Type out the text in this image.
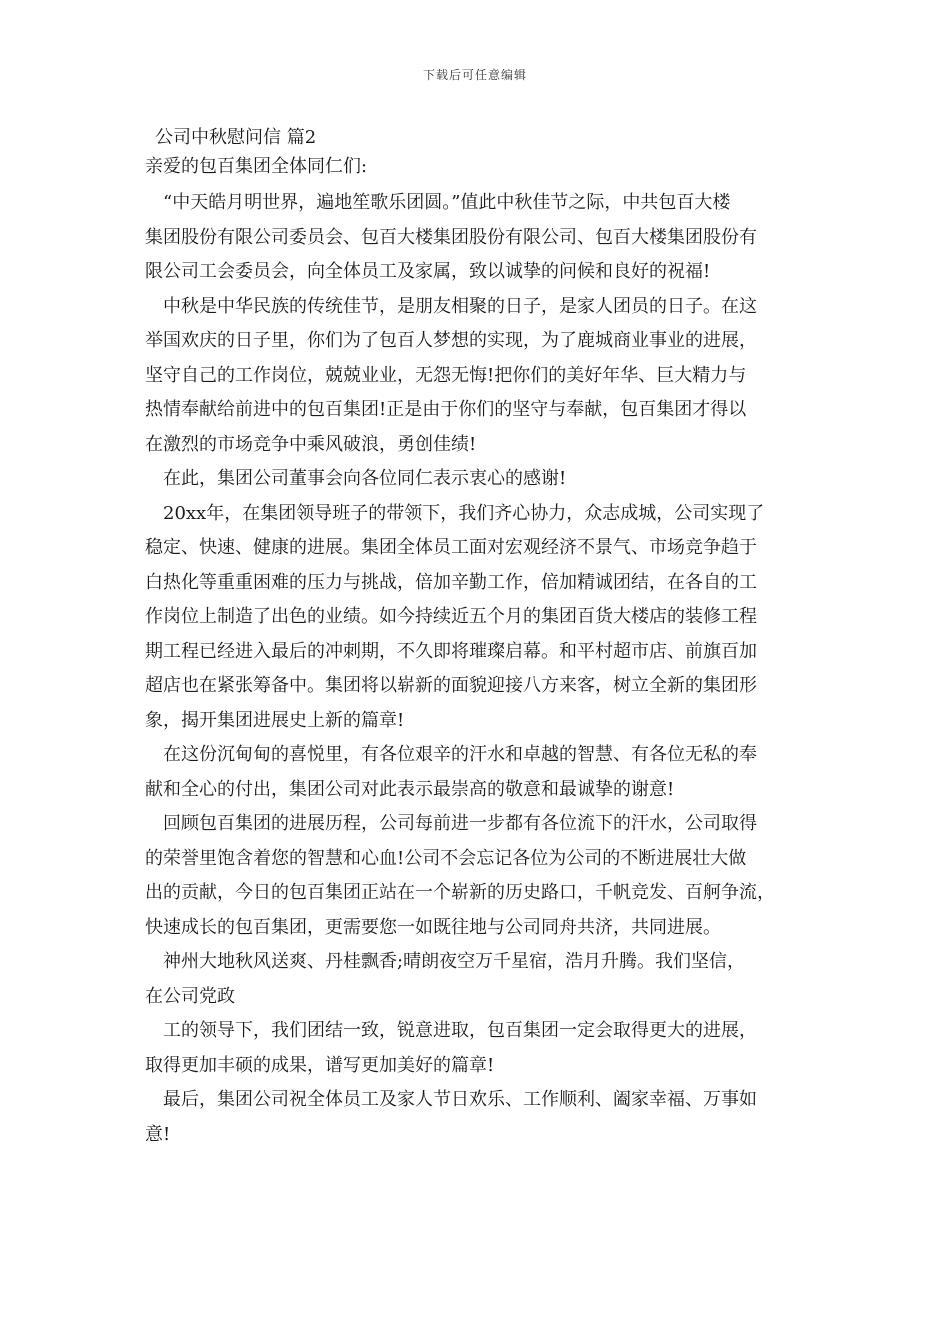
下载后可任意编辑
公司中秋慰问信 篇2

亲爱的包百集团全体同仁们:

“中天皓月明世界，遍地笙歌乐团圆。”值此中秋佳节之际，中共包百大楼
集团股份有限公司委员会、包百大楼集团股份有限公司、包百大楼集团股份有
限公司工会委员会，向全体员工及家属，致以诚挚的问候和良好的祝福!

中秋是中华民族的传统佳节，是朋友相聚的日子，是家人团员的日子。在这
举国欢庆的日子里，你们为了包百人梦想的实现，为了鹿城商业事业的进展，
坚守自己的工作岗位，兢兢业业，无怨无悔!把你们的美好年华、巨大精力与
热情奉献给前进中的包百集团!正是由于你们的坚守与奉献，包百集团才得以
在激烈的市场竞争中乘风破浪，勇创佳绩!

在此，集团公司董事会向各位同仁表示衷心的感谢!

20xx年，在集团领导班子的带领下，我们齐心协力，众志成城，公司实现了
稳定、快速、健康的进展。集团全体员工面对宏观经济不景气、市场竞争趋于
白热化等重重困难的压力与挑战，倍加辛勤工作，倍加精诚团结，在各自的工
作岗位上制造了出色的业绩。如今持续近五个月的集团百货大楼店的装修工程
期工程已经进入最后的冲刺期，不久即将璀璨启幕。和平村超市店、前旗百加
超店也在紧张筹备中。集团将以崭新的面貌迎接八方来客，树立全新的集团形
象，揭开集团进展史上新的篇章!

在这份沉甸甸的喜悦里，有各位艰辛的汗水和卓越的智慧、有各位无私的奉
献和全心的付出，集团公司对此表示最崇高的敬意和最诚挚的谢意!

回顾包百集团的进展历程，公司每前进一步都有各位流下的汗水，公司取得
的荣誉里饱含着您的智慧和心血!公司不会忘记各位为公司的不断进展壮大做
出的贡献，今日的包百集团正站在一个崭新的历史路口，千帆竞发、百舸争流，
快速成长的包百集团，更需要您一如既往地与公司同舟共济，共同进展。

神州大地秋风送爽、丹桂飘香;晴朗夜空万千星宿，浩月升腾。我们坚信，
在公司党政

工的领导下，我们团结一致，锐意进取，包百集团一定会取得更大的进展，
取得更加丰硕的成果，谱写更加美好的篇章!

最后，集团公司祝全体员工及家人节日欢乐、工作顺利、阖家幸福、万事如
意!
